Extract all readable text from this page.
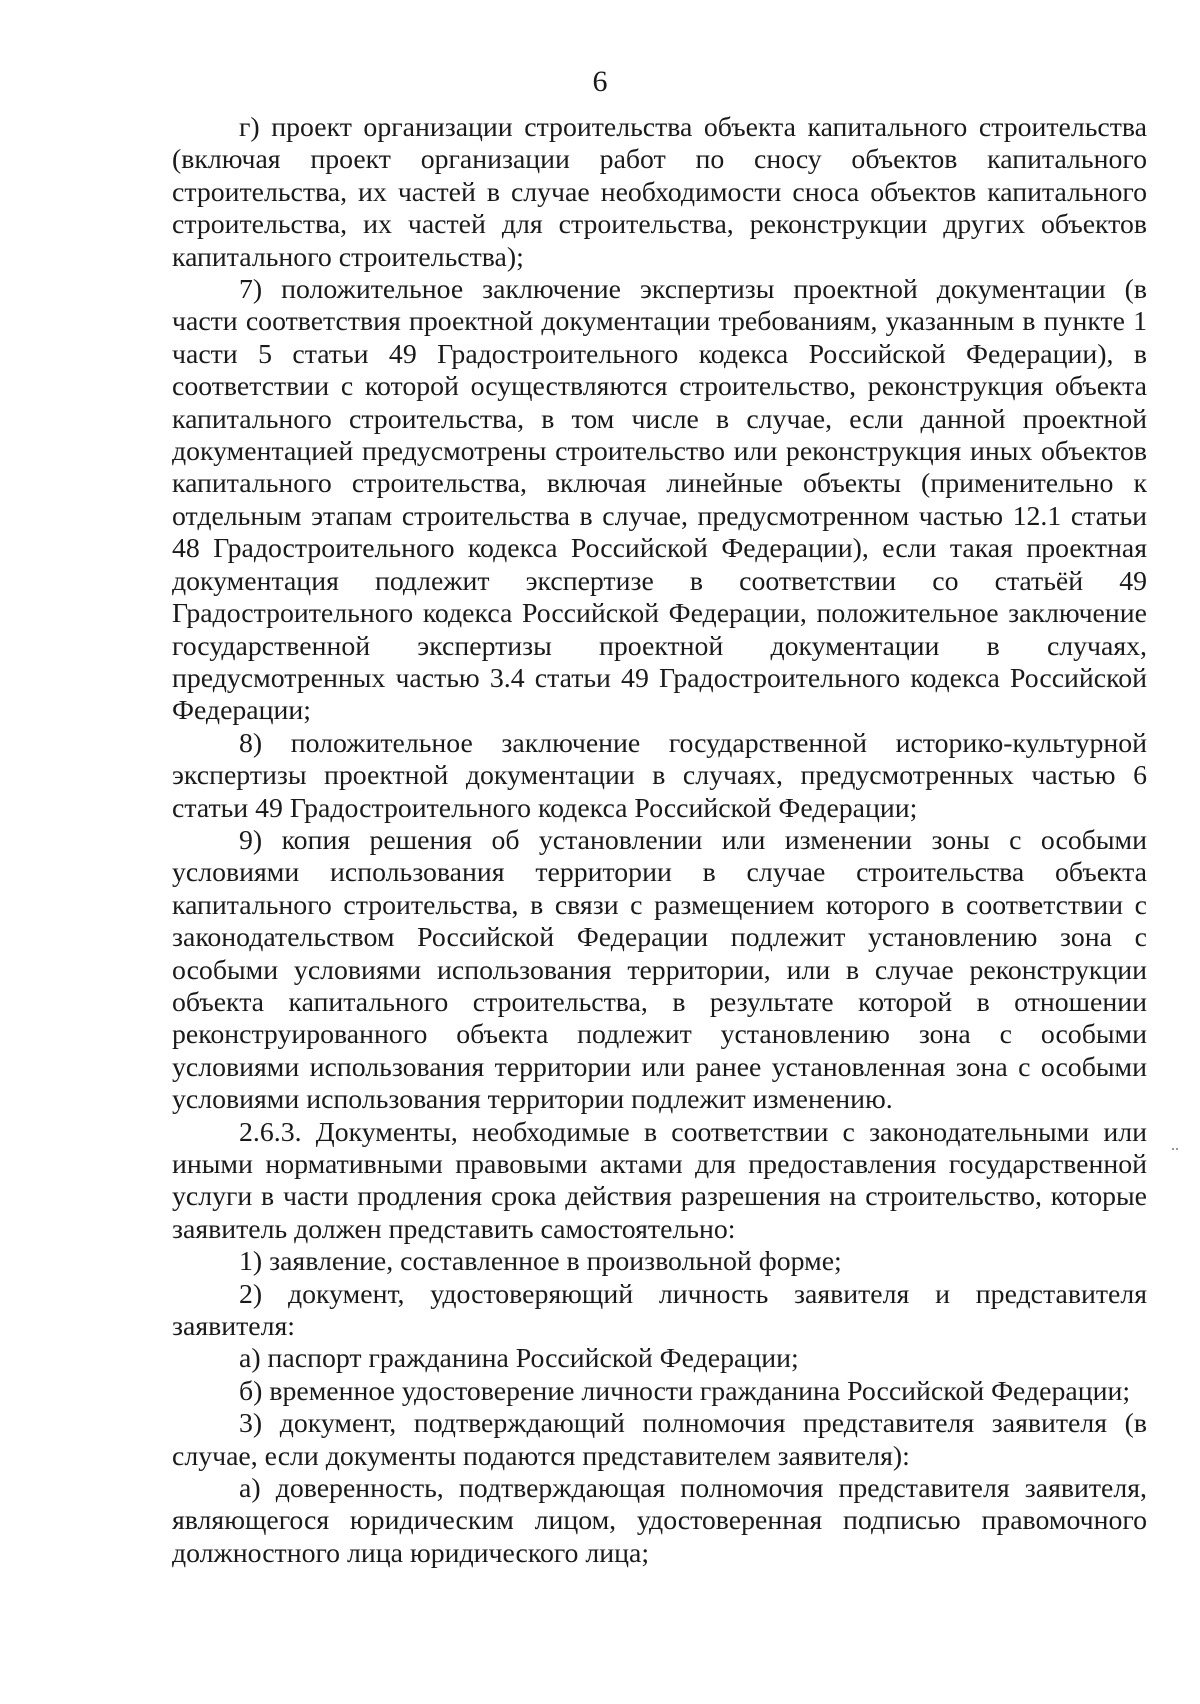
6

г) проект организации строительства объекта капитального строительства (включая проект организации работ по сносу объектов капитального строительства, их частей в случае необходимости сноса объектов капитального строительства, их частей для строительства, реконструкции других объектов капитального строительства);

7) положительное заключение экспертизы проектной документации (в части соответствия проектной документации требованиям, указанным в пункте 1 части 5 статьи 49 Градостроительного кодекса Российской Федерации), в соответствии с которой осуществляются строительство, реконструкция объекта капитального строительства, в том числе в случае, если данной проектной документацией предусмотрены строительство или реконструкция иных объектов капитального строительства, включая линейные объекты (применительно к отдельным этапам строительства в случае, предусмотренном частью 12.1 статьи 48 Градостроительного кодекса Российской Федерации), если такая проектная документация подлежит экспертизе в соответствии со статьёй 49 Градостроительного кодекса Российской Федерации, положительное заключение государственной экспертизы проектной документации в случаях, предусмотренных частью 3.4 статьи 49 Градостроительного кодекса Российской Федерации;

8) положительное заключение государственной историко-культурной экспертизы проектной документации в случаях, предусмотренных частью 6 статьи 49 Градостроительного кодекса Российской Федерации;

9) копия решения об установлении или изменении зоны с особыми условиями использования территории в случае строительства объекта капитального строительства, в связи с размещением которого в соответствии с законодательством Российской Федерации подлежит установлению зона с особыми условиями использования территории, или в случае реконструкции объекта капитального строительства, в результате которой в отношении реконструированного объекта подлежит установлению зона с особыми условиями использования территории или ранее установленная зона с особыми условиями использования территории подлежит изменению.

2.6.3. Документы, необходимые в соответствии с законодательными или иными нормативными правовыми актами для предоставления государственной услуги в части продления срока действия разрешения на строительство, которые заявитель должен представить самостоятельно:

1) заявление, составленное в произвольной форме;

2) документ, удостоверяющий личность заявителя и представителя заявителя:

а) паспорт гражданина Российской Федерации;

б) временное удостоверение личности гражданина Российской Федерации;

3) документ, подтверждающий полномочия представителя заявителя (в случае, если документы подаются представителем заявителя):

а) доверенность, подтверждающая полномочия представителя заявителя, являющегося юридическим лицом, удостоверенная подписью правомочного должностного лица юридического лица;
